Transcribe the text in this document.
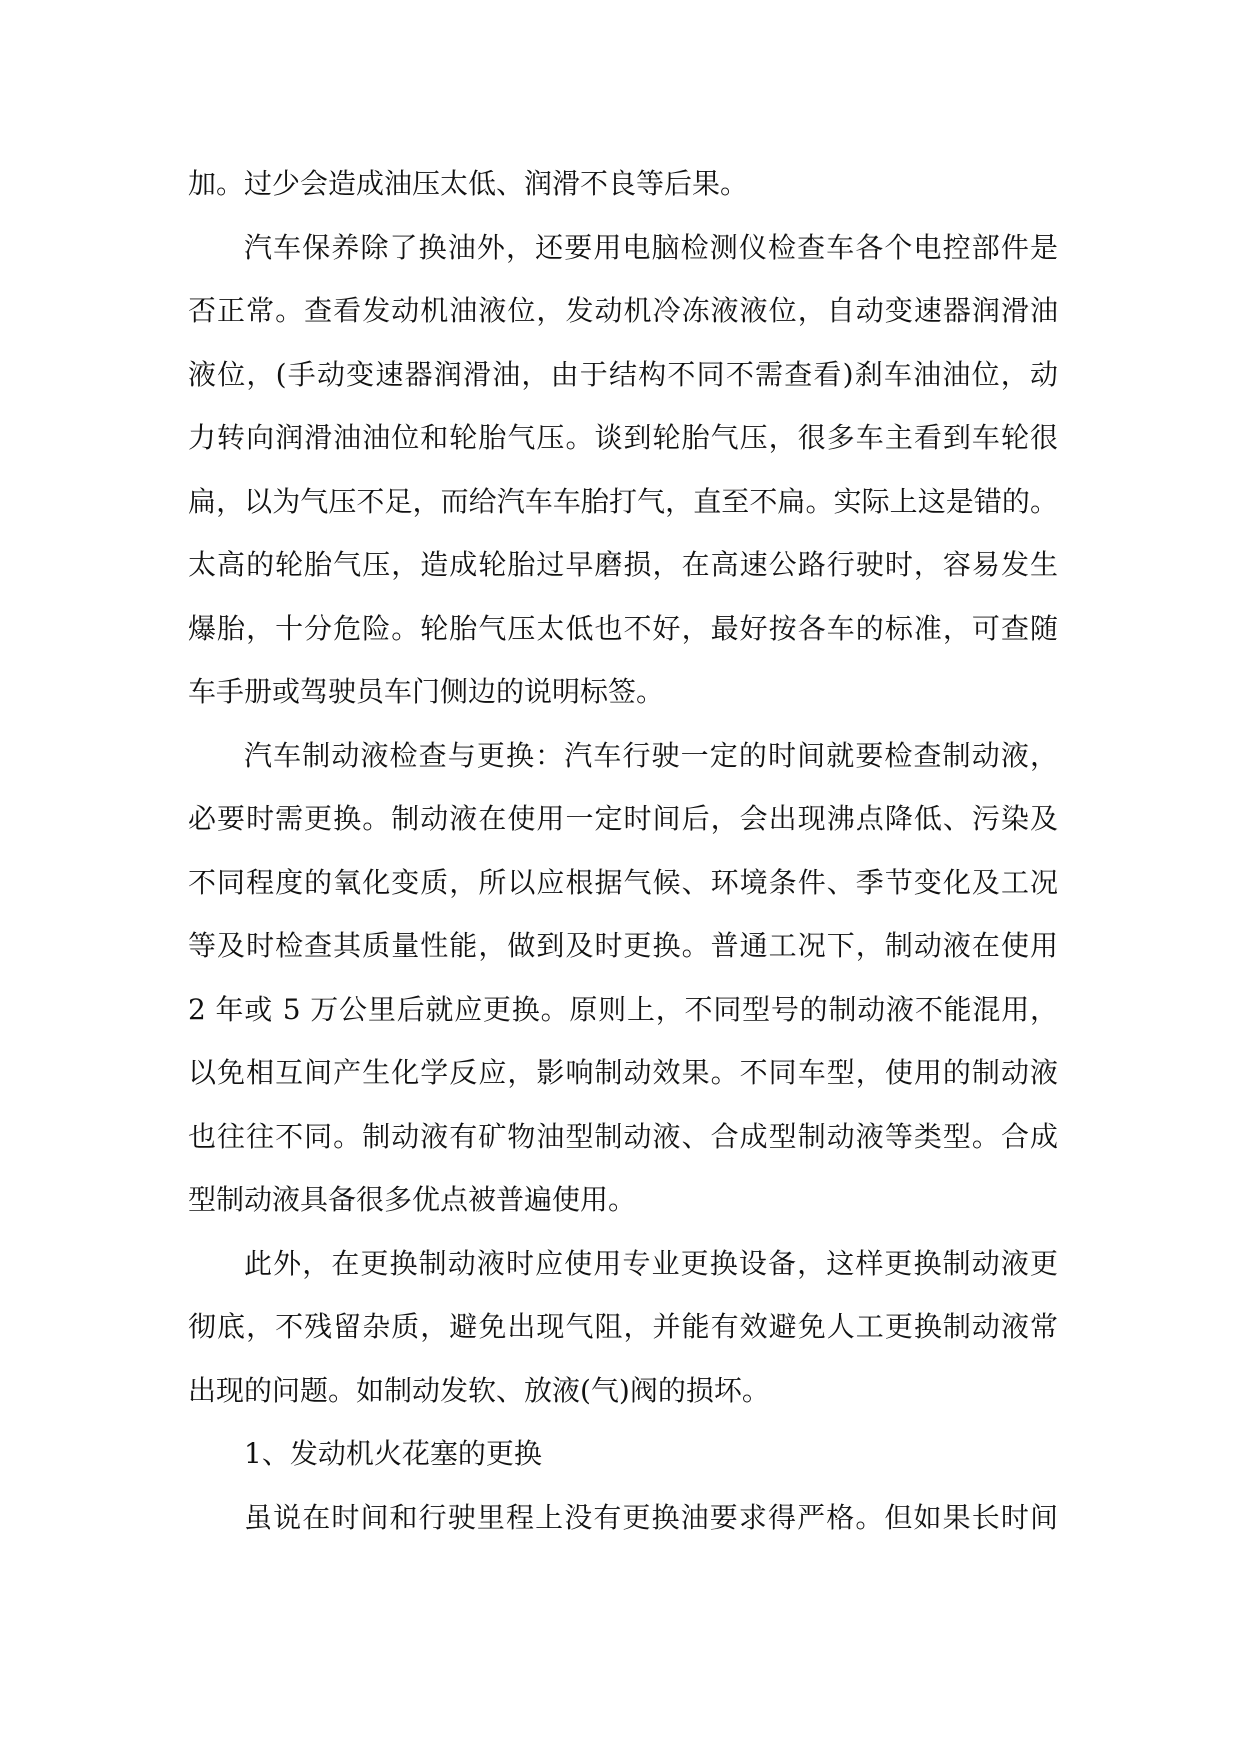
加。过少会造成油压太低、润滑不良等后果。
汽车保养除了换油外，还要用电脑检测仪检查车各个电控部件是
否正常。查看发动机油液位，发动机冷冻液液位，自动变速器润滑油
液位，(手动变速器润滑油，由于结构不同不需查看)刹车油油位，动
力转向润滑油油位和轮胎气压。谈到轮胎气压，很多车主看到车轮很
扁，以为气压不足，而给汽车车胎打气，直至不扁。实际上这是错的。
太高的轮胎气压，造成轮胎过早磨损，在高速公路行驶时，容易发生
爆胎，十分危险。轮胎气压太低也不好，最好按各车的标准，可查随
车手册或驾驶员车门侧边的说明标签。
汽车制动液检查与更换：汽车行驶一定的时间就要检查制动液，
必要时需更换。制动液在使用一定时间后，会出现沸点降低、污染及
不同程度的氧化变质，所以应根据气候、环境条件、季节变化及工况
等及时检查其质量性能，做到及时更换。普通工况下，制动液在使用
2 年或 5 万公里后就应更换。原则上，不同型号的制动液不能混用，
以免相互间产生化学反应，影响制动效果。不同车型，使用的制动液
也往往不同。制动液有矿物油型制动液、合成型制动液等类型。合成
型制动液具备很多优点被普遍使用。
此外，在更换制动液时应使用专业更换设备，这样更换制动液更
彻底，不残留杂质，避免出现气阻，并能有效避免人工更换制动液常
出现的问题。如制动发软、放液(气)阀的损坏。
1、发动机火花塞的更换
虽说在时间和行驶里程上没有更换油要求得严格。但如果长时间
